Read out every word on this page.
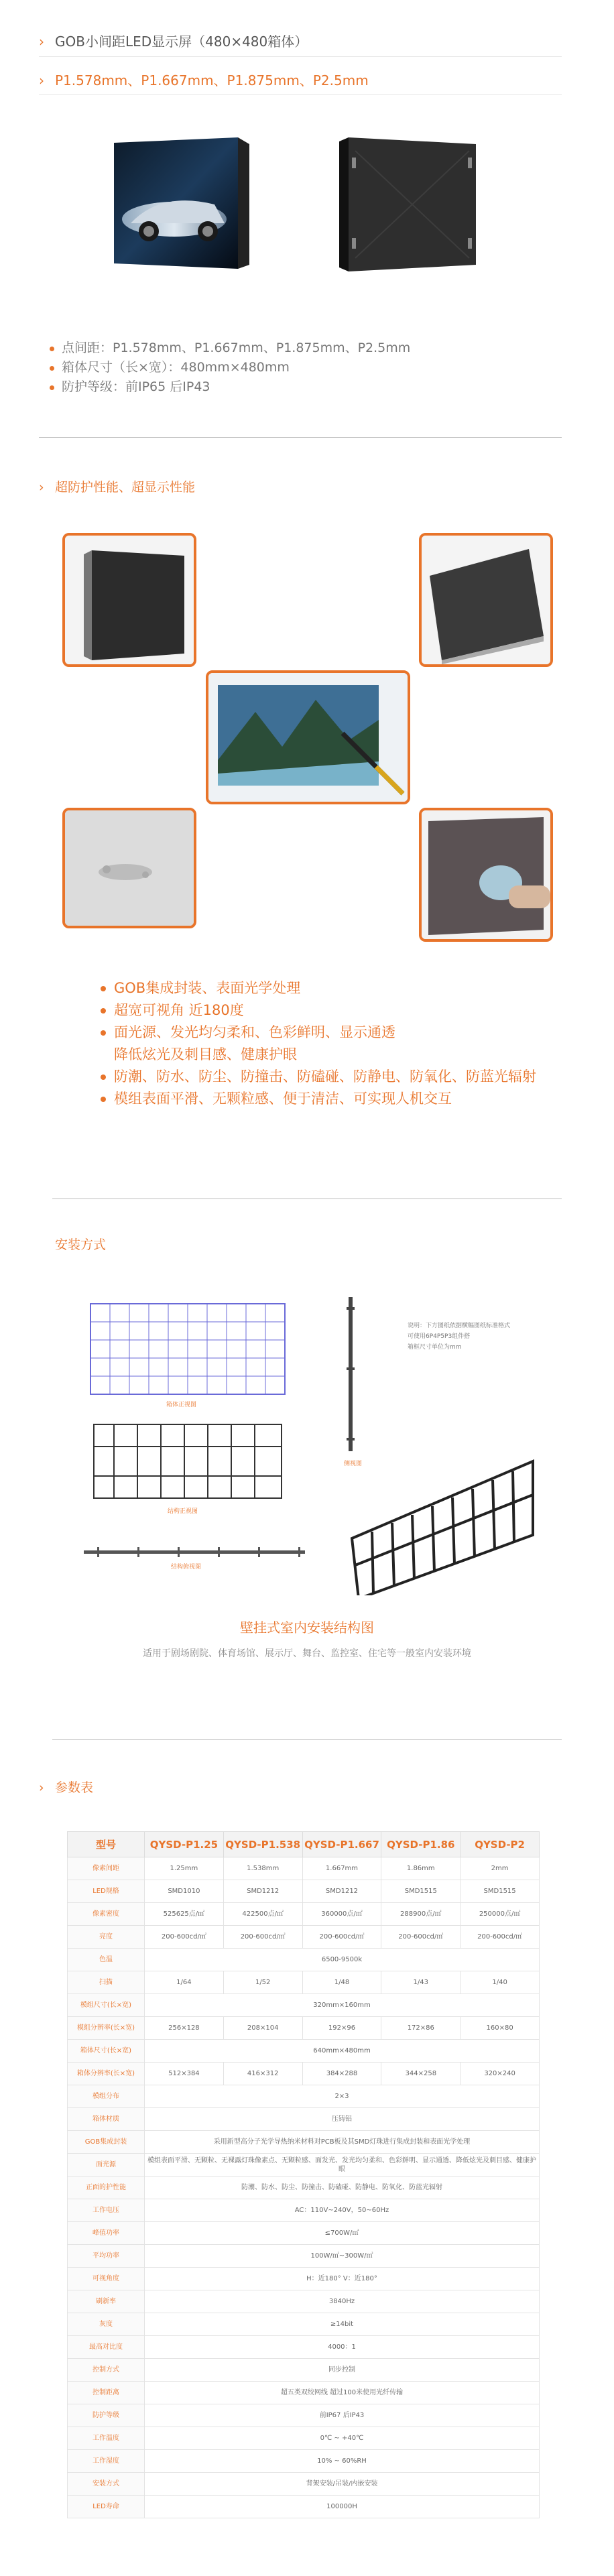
› GOB小间距LED显示屏（480×480箱体）
› P1.578mm、P1.667mm、P1.875mm、P2.5mm
点间距：P1.578mm、P1.667mm、P1.875mm、P2.5mm
箱体尺寸（长×宽）：480mm×480mm
防护等级：前IP65 后IP43
› 超防护性能、超显示性能
GOB集成封装、表面光学处理
超宽可视角 近180度
面光源、发光均匀柔和、色彩鲜明、显示通透
降低炫光及刺目感、健康护眼
防潮、防水、防尘、防撞击、防磕碰、防静电、防氧化、防蓝光辐射
模组表面平滑、无颗粒感、便于清洁、可实现人机交互
安装方式
箱体正视图
侧视图
结构正视图
结构俯视图
说明：下方图纸依据横幅图纸标准格式
可使用6P4P5P3组件搭
箱框尺寸单位为mm
壁挂式室内安装结构图
适用于剧场剧院、体育场馆、展示厅、舞台、监控室、住宅等一般室内安装环境
› 参数表
型号	QYSD-P1.25	QYSD-P1.538	QYSD-P1.667	QYSD-P1.86	QYSD-P2
像素间距	1.25mm	1.538mm	1.667mm	1.86mm	2mm
LED规格	SMD1010	SMD1212	SMD1212	SMD1515	SMD1515
像素密度	525625点/㎡	422500点/㎡	360000点/㎡	288900点/㎡	250000点/㎡
亮度	200-600cd/㎡	200-600cd/㎡	200-600cd/㎡	200-600cd/㎡	200-600cd/㎡
色温	6500-9500k				
扫描	1/64	1/52	1/48	1/43	1/40
模组尺寸(长×宽)	320mm×160mm				
模组分辨率(长×宽)	256×128	208×104	192×96	172×86	160×80
箱体尺寸(长×宽)	640mm×480mm				
箱体分辨率(长×宽)	512×384	416×312	384×288	344×258	320×240
模组分布	2×3				
箱体材质	压铸铝				
GOB集成封装	采用新型高分子光学导热纳米材料对PCB板及其SMD灯珠进行集成封装和表面光学处理				
面光源	模组表面平滑、无颗粒、无裸露灯珠像素点、无颗粒感、面发光、发光均匀柔和、色彩鲜明、显示通透、降低炫光及刺目感、健康护眼				
正面的护性能	防潮、防水、防尘、防撞击、防磕碰、防静电、防氧化、防蓝光辐射				
工作电压	AC：110V~240V，50~60Hz				
峰值功率	≤700W/㎡				
平均功率	100W/㎡~300W/㎡				
可视角度	H：近180° V：近180°				
刷新率	3840Hz				
灰度	≥14bit				
最高对比度	4000：1				
控制方式	同步控制				
控制距离	超五类双绞网线 超过100米使用光纤传输				
防护等级	前IP67 后IP43				
工作温度	0℃ ~ +40℃				
工作湿度	10% ~ 60%RH				
安装方式	背架安装/吊装/内嵌安装				
LED寿命	100000H				
